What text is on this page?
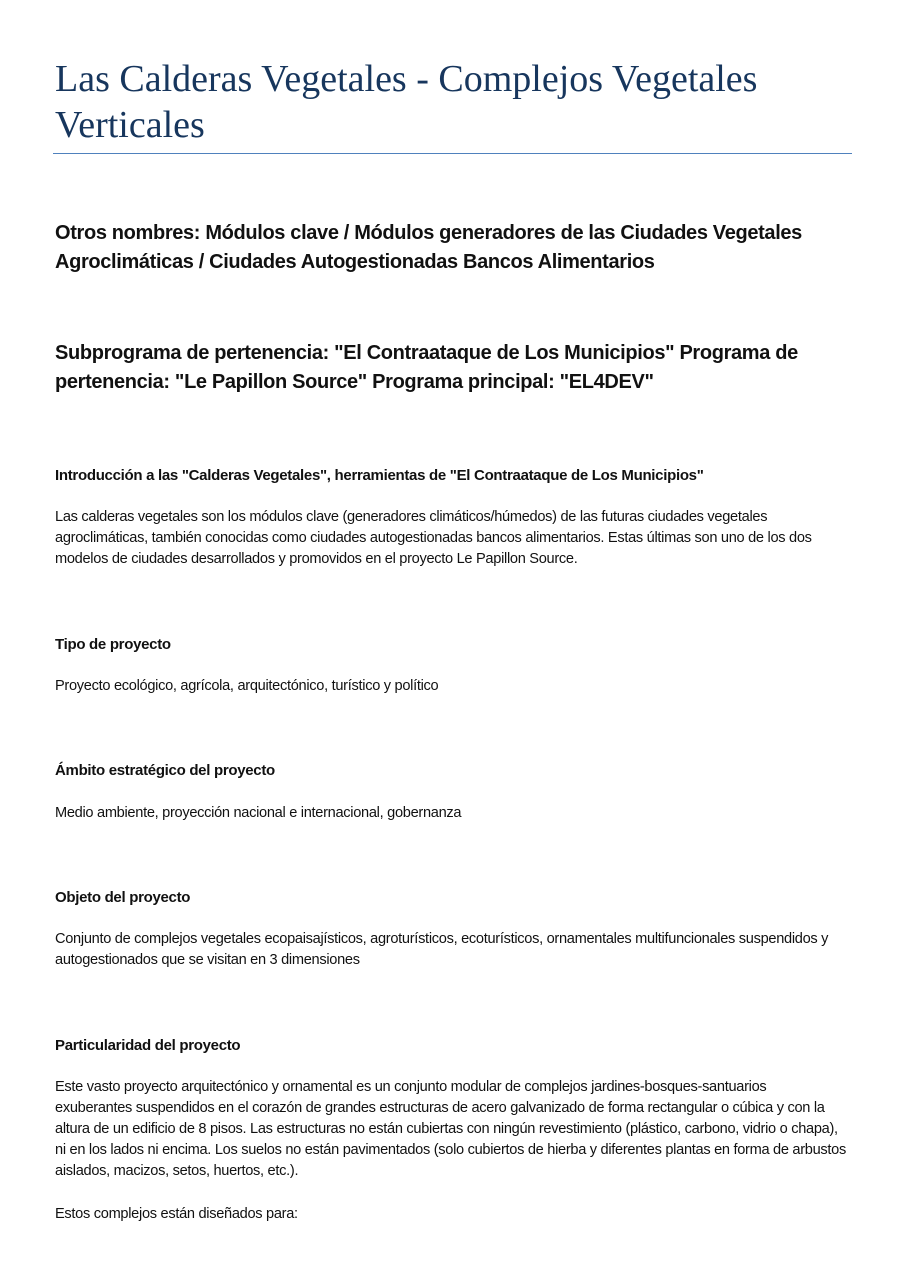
Las Calderas Vegetales - Complejos Vegetales Verticales
Otros nombres: Módulos clave / Módulos generadores de las Ciudades Vegetales Agroclimáticas / Ciudades Autogestionadas Bancos Alimentarios
Subprograma de pertenencia: "El Contraataque de Los Municipios" Programa de pertenencia: "Le Papillon Source" Programa principal: "EL4DEV"
Introducción a las "Calderas Vegetales", herramientas de "El Contraataque de Los Municipios"

Las calderas vegetales son los módulos clave (generadores climáticos/húmedos) de las futuras ciudades vegetales agroclimáticas, también conocidas como ciudades autogestionadas bancos alimentarios. Estas últimas son uno de los dos modelos de ciudades desarrollados y promovidos en el proyecto Le Papillon Source.

Tipo de proyecto

Proyecto ecológico, agrícola, arquitectónico, turístico y político

Ámbito estratégico del proyecto

Medio ambiente, proyección nacional e internacional, gobernanza

Objeto del proyecto

Conjunto de complejos vegetales ecopaisajísticos, agroturísticos, ecoturísticos, ornamentales multifuncionales suspendidos y autogestionados que se visitan en 3 dimensiones

Particularidad del proyecto

Este vasto proyecto arquitectónico y ornamental es un conjunto modular de complejos jardines-bosques-santuarios exuberantes suspendidos en el corazón de grandes estructuras de acero galvanizado de forma rectangular o cúbica y con la altura de un edificio de 8 pisos. Las estructuras no están cubiertas con ningún revestimiento (plástico, carbono, vidrio o chapa), ni en los lados ni encima. Los suelos no están pavimentados (solo cubiertos de hierba y diferentes plantas en forma de arbustos aislados, macizos, setos, huertos, etc.).

Estos complejos están diseñados para:
